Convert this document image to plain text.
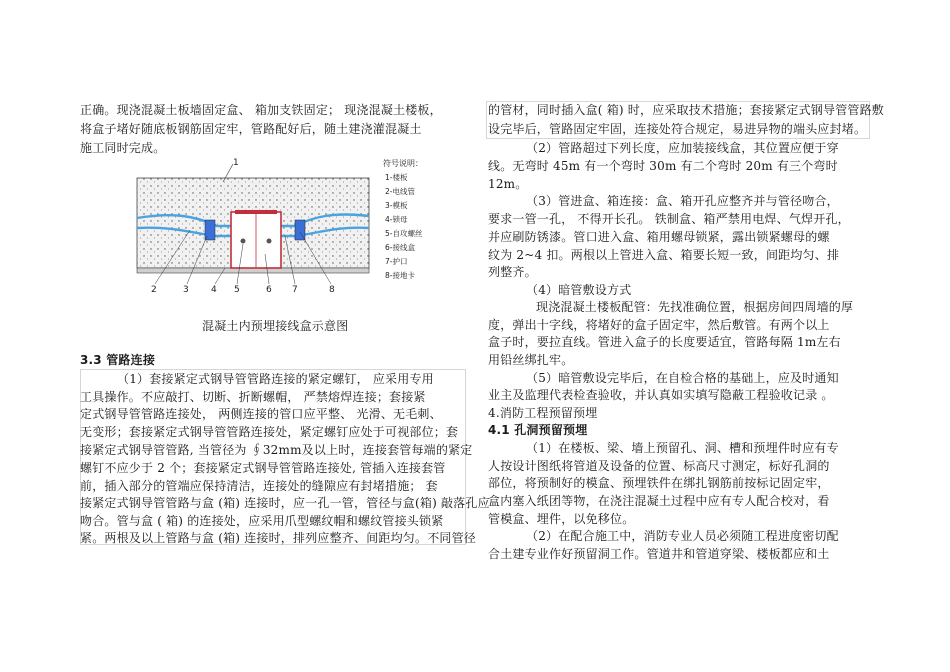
正确。现浇混凝土板墙固定盒、 箱加支铁固定； 现浇混凝土楼板，
将盒子堵好随底板钢筋固定牢，管路配好后，随土建浇灌混凝土
施工同时完成。
1
2	3 4 5	6 7	8
符号说明：
1-楼板
2-电线管
3-模板
4-锁母
5-自攻螺丝
6-接线盒
7-护口
8-接地卡
混凝土内预埋接线盒示意图
3.3 管路连接
（1）套接紧定式钢导管管路连接的紧定螺钉， 应采用专用
工具操作。不应敲打、切断、折断螺帽， 严禁熔焊连接；套接紧
定式钢导管管路连接处， 两侧连接的管口应平整、 光滑、无毛刺、
无变形；套接紧定式钢导管管路连接处，紧定螺钉应处于可视部位；套
接紧定式钢导管管路, 当管径为 ∮32mm及以上时，连接套管每端的紧定
螺钉不应少于 2 个；套接紧定式钢导管管路连接处, 管插入连接套管
前，插入部分的管端应保持清洁，连接处的缝隙应有封堵措施； 套
接紧定式钢导管管路与盒 (箱) 连接时，应一孔一管，管径与盒(箱) 敲落孔应
吻合。管与盒 ( 箱) 的连接处，应采用爪型螺纹帽和螺纹管接头锁紧
紧。两根及以上管路与盒 (箱) 连接时，排列应整齐、间距均匀。不同管径
的管材，同时插入盒( 箱) 时，应采取技术措施；套接紧定式钢导管管路敷
设完毕后，管路固定牢固，连接处符合规定，易进异物的端头应封堵。
（2）管路超过下列长度，应加装接线盒，其位置应便于穿
线。无弯时 45m 有一个弯时 30m 有二个弯时 20m 有三个弯时
12m。
（3）管进盒、箱连接：盒、箱开孔应整齐并与管径吻合，
要求一管一孔， 不得开长孔。 铁制盒、箱严禁用电焊、气焊开孔，
并应刷防锈漆。管口进入盒、箱用螺母锁紧，露出锁紧螺母的螺
纹为 2~4 扣。两根以上管进入盒、箱要长短一致，间距均匀、排
列整齐。
（4）暗管敷设方式
现浇混凝土楼板配管：先找准确位置，根据房间四周墙的厚
度，弹出十字线，将堵好的盒子固定牢，然后敷管。有两个以上
盒子时，要拉直线。管进入盒子的长度要适宜，管路每隔 1m左右
用铅丝绑扎牢。
（5）暗管敷设完毕后，在自检合格的基础上，应及时通知
业主及监理代表检查验收，并认真如实填写隐蔽工程验收记录 。
4.消防工程预留预埋
4.1 孔洞预留预埋
（1）在楼板、梁、墙上预留孔、洞、槽和预埋件时应有专
人按设计图纸将管道及设备的位置、标高尺寸测定，标好孔洞的
部位，将预制好的模盒、预埋铁件在绑扎钢筋前按标记固定牢，
盒内塞入纸团等物，在浇注混凝土过程中应有专人配合校对，看
管模盒、埋件，以免移位。
（2）在配合施工中，消防专业人员必须随工程进度密切配
合土建专业作好预留洞工作。管道井和管道穿梁、楼板都应和土
